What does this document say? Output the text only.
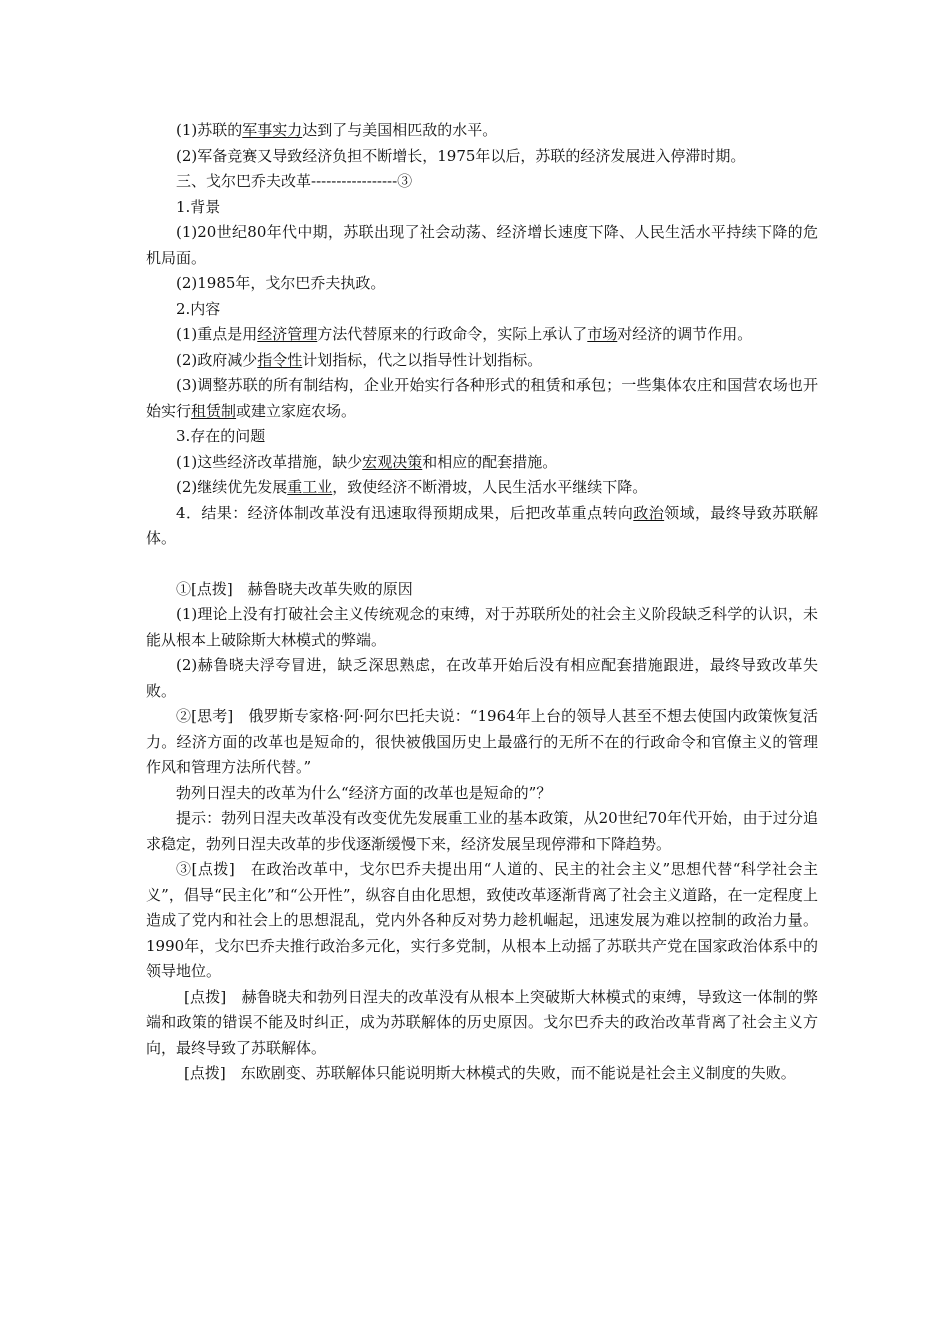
(1)苏联的军事实力达到了与美国相匹敌的水平。

(2)军备竞赛又导致经济负担不断增长，1975年以后，苏联的经济发展进入停滞时期。

三、戈尔巴乔夫改革-----------------③

1.背景

(1)20世纪80年代中期，苏联出现了社会动荡、经济增长速度下降、人民生活水平持续下降的危机局面。

(2)1985年，戈尔巴乔夫执政。

2.内容

(1)重点是用经济管理方法代替原来的行政命令，实际上承认了市场对经济的调节作用。

(2)政府减少指令性计划指标，代之以指导性计划指标。

(3)调整苏联的所有制结构，企业开始实行各种形式的租赁和承包；一些集体农庄和国营农场也开始实行租赁制或建立家庭农场。

3.存在的问题

(1)这些经济改革措施，缺少宏观决策和相应的配套措施。

(2)继续优先发展重工业，致使经济不断滑坡，人民生活水平继续下降。

4．结果：经济体制改革没有迅速取得预期成果，后把改革重点转向政治领域，最终导致苏联解体。

①[点拨]　赫鲁晓夫改革失败的原因

(1)理论上没有打破社会主义传统观念的束缚，对于苏联所处的社会主义阶段缺乏科学的认识，未能从根本上破除斯大林模式的弊端。

(2)赫鲁晓夫浮夸冒进，缺乏深思熟虑，在改革开始后没有相应配套措施跟进，最终导致改革失败。

②[思考]　俄罗斯专家格·阿·阿尔巴托夫说：“1964年上台的领导人甚至不想去使国内政策恢复活力。经济方面的改革也是短命的，很快被俄国历史上最盛行的无所不在的行政命令和官僚主义的管理作风和管理方法所代替。”

勃列日涅夫的改革为什么“经济方面的改革也是短命的”？

提示：勃列日涅夫改革没有改变优先发展重工业的基本政策，从20世纪70年代开始，由于过分追求稳定，勃列日涅夫改革的步伐逐渐缓慢下来，经济发展呈现停滞和下降趋势。

③[点拨]　在政治改革中，戈尔巴乔夫提出用“人道的、民主的社会主义”思想代替“科学社会主义”，倡导“民主化”和“公开性”，纵容自由化思想，致使改革逐渐背离了社会主义道路，在一定程度上造成了党内和社会上的思想混乱，党内外各种反对势力趁机崛起，迅速发展为难以控制的政治力量。1990年，戈尔巴乔夫推行政治多元化，实行多党制，从根本上动摇了苏联共产党在国家政治体系中的领导地位。

[点拨]　赫鲁晓夫和勃列日涅夫的改革没有从根本上突破斯大林模式的束缚，导致这一体制的弊端和政策的错误不能及时纠正，成为苏联解体的历史原因。戈尔巴乔夫的政治改革背离了社会主义方向，最终导致了苏联解体。

[点拨]　东欧剧变、苏联解体只能说明斯大林模式的失败，而不能说是社会主义制度的失败。
